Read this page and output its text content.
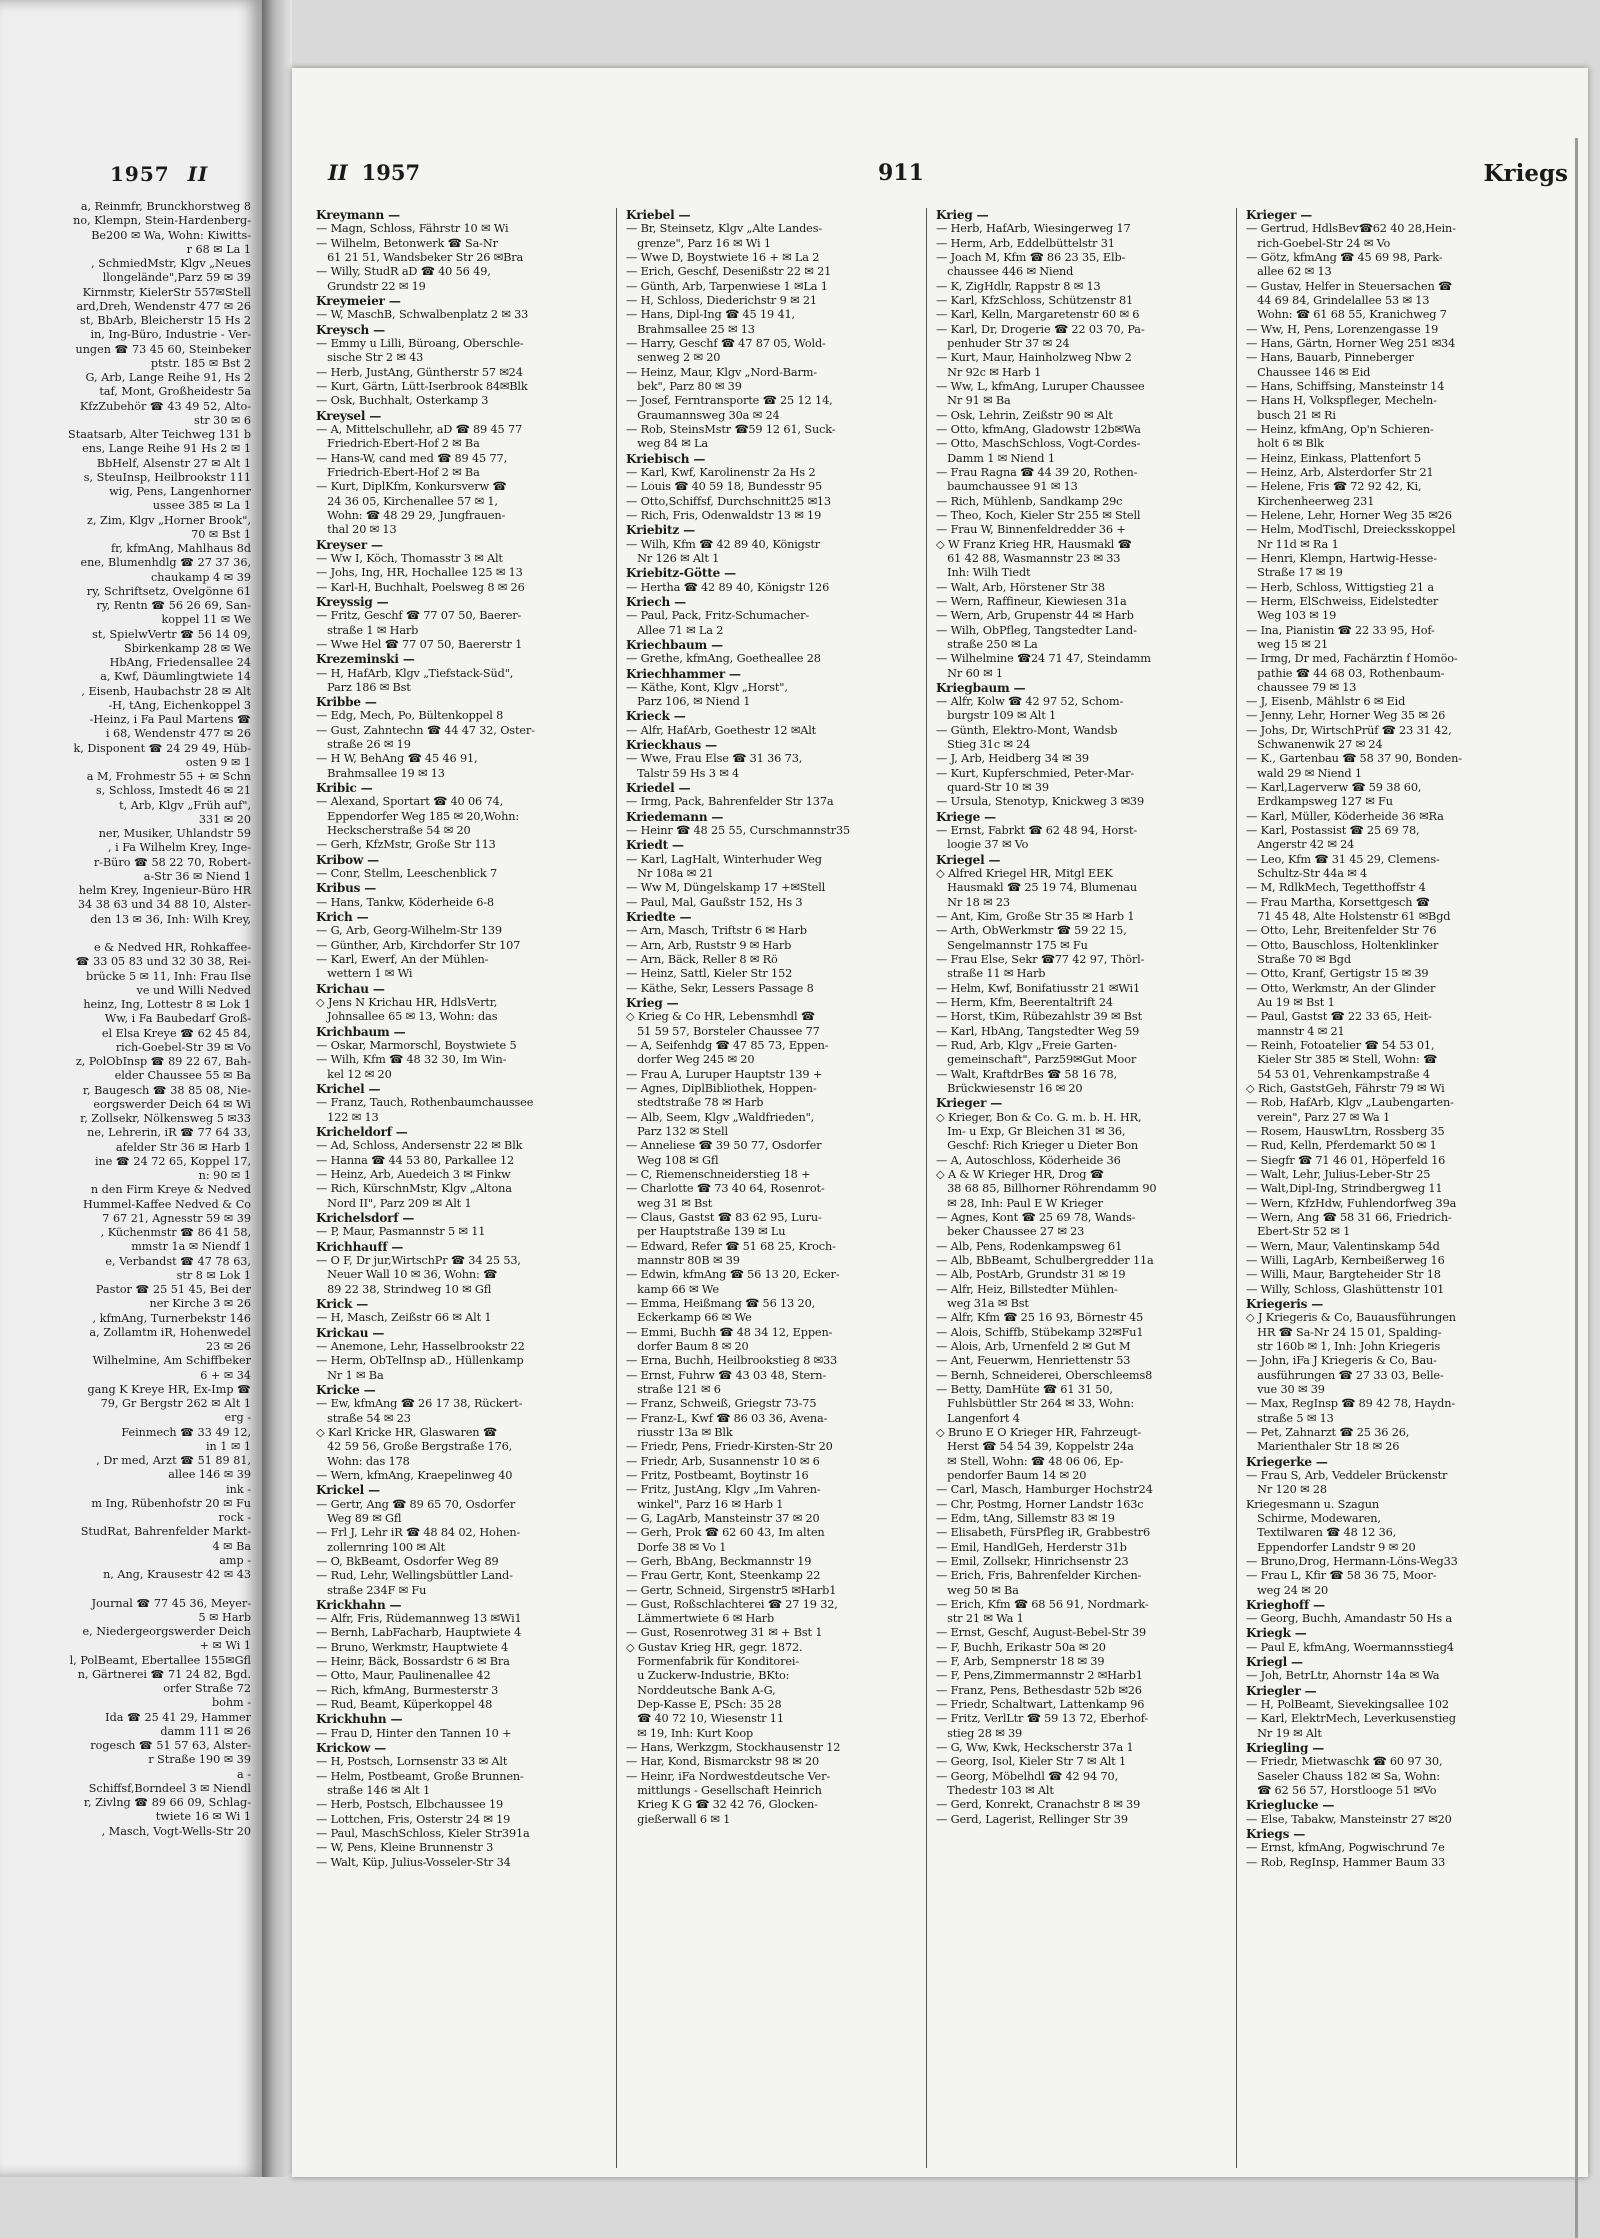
1957 II
a, Reinmfr, Brunckhorstweg 8
no, Klempn, Stein-Hardenberg-
Be200 ✉ Wa, Wohn: Kiwitts-
r 68 ✉ La 1
, SchmiedMstr, Klgv „Neues
llongelände",Parz 59 ✉ 39
Kirnmstr, KielerStr 557✉Stell
ard,Dreh, Wendenstr 477 ✉ 26
st, BbArb, Bleicherstr 15 Hs 2
in, Ing-Büro, Industrie - Ver-
ungen ☎ 73 45 60, Steinbeker
ptstr. 185 ✉ Bst 2
G, Arb, Lange Reihe 91, Hs 2
taf, Mont, Großheidestr 5a
KfzZubehör ☎ 43 49 52, Alto-
str 30 ✉ 6
Staatsarb, Alter Teichweg 131 b
ens, Lange Reihe 91 Hs 2 ✉ 1
BbHelf, Alsenstr 27 ✉ Alt 1
s, SteuInsp, Heilbrookstr 111
wig, Pens, Langenhorner
ussee 385 ✉ La 1
z, Zim, Klgv „Horner Brook",
70 ✉ Bst 1
fr, kfmAng, Mahlhaus 8d
ene, Blumenhdlg ☎ 27 37 36,
chaukamp 4 ✉ 39
ry, Schriftsetz, Ovelgönne 61
ry, Rentn ☎ 56 26 69, San-
koppel 11 ✉ We
st, SpielwVertr ☎ 56 14 09,
Sbirkenkamp 28 ✉ We
HbAng, Friedensallee 24
a, Kwf, Däumlingtwiete 14
, Eisenb, Haubachstr 28 ✉ Alt
-H, tAng, Eichenkoppel 3
-Heinz, i Fa Paul Martens ☎
i 68, Wendenstr 477 ✉ 26
k, Disponent ☎ 24 29 49, Hüb-
osten 9 ✉ 1
a M, Frohmestr 55 + ✉ Schn
s, Schloss, Imstedt 46 ✉ 21
t, Arb, Klgv „Früh auf",
331 ✉ 20
ner, Musiker, Uhlandstr 59
, i Fa Wilhelm Krey, Inge-
r-Büro ☎ 58 22 70, Robert-
a-Str 36 ✉ Niend 1
helm Krey, Ingenieur-Büro HR
34 38 63 und 34 88 10, Alster-
den 13 ✉ 36, Inh: Wilh Krey,

e & Nedved HR, Rohkaffee-
☎ 33 05 83 und 32 30 38, Rei-
brücke 5 ✉ 11, Inh: Frau Ilse
ve und Willi Nedved
heinz, Ing, Lottestr 8 ✉ Lok 1
Ww, i Fa Baubedarf Groß-
el Elsa Kreye ☎ 62 45 84,
rich-Goebel-Str 39 ✉ Vo
z, PolObInsp ☎ 89 22 67, Bah-
elder Chaussee 55 ✉ Ba
r, Baugesch ☎ 38 85 08, Nie-
eorgswerder Deich 64 ✉ Wi
r, Zollsekr, Nölkensweg 5 ✉33
ne, Lehrerin, iR ☎ 77 64 33,
afelder Str 36 ✉ Harb 1
ine ☎ 24 72 65, Koppel 17,
n: 90 ✉ 1
n den Firm Kreye & Nedved
Hummel-Kaffee Nedved & Co
7 67 21, Agnesstr 59 ✉ 39
, Küchenmstr ☎ 86 41 58,
mmstr 1a ✉ Niendf 1
e, Verbandst ☎ 47 78 63,
str 8 ✉ Lok 1
Pastor ☎ 25 51 45, Bei der
ner Kirche 3 ✉ 26
, kfmAng, Turnerbekstr 146
a, Zollamtm iR, Hohenwedel
23 ✉ 26
Wilhelmine, Am Schiffbeker
6 + ✉ 34
gang K Kreye HR, Ex-Imp ☎
79, Gr Bergstr 262 ✉ Alt 1
erg -
Feinmech ☎ 33 49 12,
in 1 ✉ 1
, Dr med, Arzt ☎ 51 89 81,
allee 146 ✉ 39
ink -
m Ing, Rübenhofstr 20 ✉ Fu
rock -
StudRat, Bahrenfelder Markt-
4 ✉ Ba
amp -
n, Ang, Krausestr 42 ✉ 43

Journal ☎ 77 45 36, Meyer-
5 ✉ Harb
e, Niedergeorgswerder Deich
+ ✉ Wi 1
l, PolBeamt, Ebertallee 155✉Gfl
n, Gärtnerei ☎ 71 24 82, Bgd.
orfer Straße 72
bohm -
Ida ☎ 25 41 29, Hammer
damm 111 ✉ 26
rogesch ☎ 51 57 63, Alster-
r Straße 190 ✉ 39
a -
Schiffsf,Borndeel 3 ✉ Niendl
r, Zivlng ☎ 89 66 09, Schlag-
twiete 16 ✉ Wi 1
, Masch, Vogt-Wells-Str 20
II 1957	911	Kriegs
Kreymann —
— Magn, Schloss, Fährstr 10 ✉ Wi
— Wilhelm, Betonwerk ☎ Sa-Nr
 61 21 51, Wandsbeker Str 26 ✉Bra
— Willy, StudR aD ☎ 40 56 49,
 Grundstr 22 ✉ 19
Kreymeier —
— W, MaschB, Schwalbenplatz 2 ✉ 33
Kreysch —
— Emmy u Lilli, Büroang, Oberschle-
 sische Str 2 ✉ 43
— Herb, JustAng, Güntherstr 57 ✉24
— Kurt, Gärtn, Lütt-Iserbrook 84✉Blk
— Osk, Buchhalt, Osterkamp 3
Kreysel —
— A, Mittelschullehr, aD ☎ 89 45 77
 Friedrich-Ebert-Hof 2 ✉ Ba
— Hans-W, cand med ☎ 89 45 77,
 Friedrich-Ebert-Hof 2 ✉ Ba
— Kurt, DiplKfm, Konkursverw ☎
 24 36 05, Kirchenallee 57 ✉ 1,
 Wohn: ☎ 48 29 29, Jungfrauen-
 thal 20 ✉ 13
Kreyser —
— Ww I, Köch, Thomasstr 3 ✉ Alt
— Johs, Ing, HR, Hochallee 125 ✉ 13
— Karl-H, Buchhalt, Poelsweg 8 ✉ 26
Kreyssig —
— Fritz, Geschf ☎ 77 07 50, Baerer-
 straße 1 ✉ Harb
— Wwe Hel ☎ 77 07 50, Baererstr 1
Krezeminski —
— H, HafArb, Klgv „Tiefstack-Süd",
 Parz 186 ✉ Bst
Kribbe —
— Edg, Mech, Po, Bültenkoppel 8
— Gust, Zahntechn ☎ 44 47 32, Oster-
 straße 26 ✉ 19
— H W, BehAng ☎ 45 46 91,
 Brahmsallee 19 ✉ 13
Kribic —
— Alexand, Sportart ☎ 40 06 74,
 Eppendorfer Weg 185 ✉ 20,Wohn:
 Heckscherstraße 54 ✉ 20
— Gerh, KfzMstr, Große Str 113
Kribow —
— Conr, Stellm, Leeschenblick 7
Kribus —
— Hans, Tankw, Köderheide 6-8
Krich —
— G, Arb, Georg-Wilhelm-Str 139
— Günther, Arb, Kirchdorfer Str 107
— Karl, Ewerf, An der Mühlen-
 wettern 1 ✉ Wi
Krichau —
◇ Jens N Krichau HR, HdlsVertr,
 Johnsallee 65 ✉ 13, Wohn: das
Krichbaum —
— Oskar, Marmorschl, Boystwiete 5
— Wilh, Kfm ☎ 48 32 30, Im Win-
 kel 12 ✉ 20
Krichel —
— Franz, Tauch, Rothenbaumchaussee
 122 ✉ 13
Kricheldorf —
— Ad, Schloss, Andersenstr 22 ✉ Blk
— Hanna ☎ 44 53 80, Parkallee 12
— Heinz, Arb, Auedeich 3 ✉ Finkw
— Rich, KürschnMstr, Klgv „Altona
 Nord II", Parz 209 ✉ Alt 1
Krichelsdorf —
— P, Maur, Pasmannstr 5 ✉ 11
Krichhauff —
— O F, Dr jur,WirtschPr ☎ 34 25 53,
 Neuer Wall 10 ✉ 36, Wohn: ☎
 89 22 38, Strindweg 10 ✉ Gfl
Krick —
— H, Masch, Zeißstr 66 ✉ Alt 1
Krickau —
— Anemone, Lehr, Hasselbrookstr 22
— Herm, ObTelInsp aD., Hüllenkamp
 Nr 1 ✉ Ba
Kricke —
— Ew, kfmAng ☎ 26 17 38, Rückert-
 straße 54 ✉ 23
◇ Karl Kricke HR, Glaswaren ☎
 42 59 56, Große Bergstraße 176,
 Wohn: das 178
— Wern, kfmAng, Kraepelinweg 40
Krickel —
— Gertr, Ang ☎ 89 65 70, Osdorfer
 Weg 89 ✉ Gfl
— Frl J, Lehr iR ☎ 48 84 02, Hohen-
 zollernring 100 ✉ Alt
— O, BkBeamt, Osdorfer Weg 89
— Rud, Lehr, Wellingsbüttler Land-
 straße 234F ✉ Fu
Krickhahn —
— Alfr, Fris, Rüdemannweg 13 ✉Wi1
— Bernh, LabFacharb, Hauptwiete 4
— Bruno, Werkmstr, Hauptwiete 4
— Heinr, Bäck, Bossardstr 6 ✉ Bra
— Otto, Maur, Paulinenallee 42
— Rich, kfmAng, Burmesterstr 3
— Rud, Beamt, Küperkoppel 48
Krickhuhn —
— Frau D, Hinter den Tannen 10 +
Krickow —
— H, Postsch, Lornsenstr 33 ✉ Alt
— Helm, Postbeamt, Große Brunnen-
 straße 146 ✉ Alt 1
— Herb, Postsch, Elbchaussee 19
— Lottchen, Fris, Osterstr 24 ✉ 19
— Paul, MaschSchloss, Kieler Str391a
— W, Pens, Kleine Brunnenstr 3
— Walt, Küp, Julius-Vosseler-Str 34
Kriebel —
— Br, Steinsetz, Klgv „Alte Landes-
 grenze", Parz 16 ✉ Wi 1
— Wwe D, Boystwiete 16 + ✉ La 2
— Erich, Geschf, Desenißstr 22 ✉ 21
— Günth, Arb, Tarpenwiese 1 ✉La 1
— H, Schloss, Diederichstr 9 ✉ 21
— Hans, Dipl-Ing ☎ 45 19 41,
 Brahmsallee 25 ✉ 13
— Harry, Geschf ☎ 47 87 05, Wold-
 senweg 2 ✉ 20
— Heinz, Maur, Klgv „Nord-Barm-
 bek", Parz 80 ✉ 39
— Josef, Ferntransporte ☎ 25 12 14,
 Graumannsweg 30a ✉ 24
— Rob, SteinsMstr ☎59 12 61, Suck-
 weg 84 ✉ La
Kriebisch —
— Karl, Kwf, Karolinenstr 2a Hs 2
— Louis ☎ 40 59 18, Bundesstr 95
— Otto,Schiffsf, Durchschnitt25 ✉13
— Rich, Fris, Odenwaldstr 13 ✉ 19
Kriebitz —
— Wilh, Kfm ☎ 42 89 40, Königstr
 Nr 126 ✉ Alt 1
Kriebitz-Götte —
— Hertha ☎ 42 89 40, Königstr 126
Kriech —
— Paul, Pack, Fritz-Schumacher-
 Allee 71 ✉ La 2
Kriechbaum —
— Grethe, kfmAng, Goetheallee 28
Kriechhammer —
— Käthe, Kont, Klgv „Horst",
 Parz 106, ✉ Niend 1
Krieck —
— Alfr, HafArb, Goethestr 12 ✉Alt
Krieckhaus —
— Wwe, Frau Else ☎ 31 36 73,
 Talstr 59 Hs 3 ✉ 4
Kriedel —
— Irmg, Pack, Bahrenfelder Str 137a
Kriedemann —
— Heinr ☎ 48 25 55, Curschmannstr35
Kriedt —
— Karl, LagHalt, Winterhuder Weg
 Nr 108a ✉ 21
— Ww M, Düngelskamp 17 +✉Stell
— Paul, Mal, Gaußstr 152, Hs 3
Kriedte —
— Arn, Masch, Triftstr 6 ✉ Harb
— Arn, Arb, Ruststr 9 ✉ Harb
— Arn, Bäck, Reller 8 ✉ Rö
— Heinz, Sattl, Kieler Str 152
— Käthe, Sekr, Lessers Passage 8
Krieg —
◇ Krieg & Co HR, Lebensmhdl ☎
 51 59 57, Borsteler Chaussee 77
— A, Seifenhdg ☎ 47 85 73, Eppen-
 dorfer Weg 245 ✉ 20
— Frau A, Luruper Hauptstr 139 +
— Agnes, DiplBibliothek, Hoppen-
 stedtstraße 78 ✉ Harb
— Alb, Seem, Klgv „Waldfrieden",
 Parz 132 ✉ Stell
— Anneliese ☎ 39 50 77, Osdorfer
 Weg 108 ✉ Gfl
— C, Riemenschneiderstieg 18 +
— Charlotte ☎ 73 40 64, Rosenrot-
 weg 31 ✉ Bst
— Claus, Gastst ☎ 83 62 95, Luru-
 per Hauptstraße 139 ✉ Lu
— Edward, Refer ☎ 51 68 25, Kroch-
 mannstr 80B ✉ 39
— Edwin, kfmAng ☎ 56 13 20, Ecker-
 kamp 66 ✉ We
— Emma, Heißmang ☎ 56 13 20,
 Eckerkamp 66 ✉ We
— Emmi, Buchh ☎ 48 34 12, Eppen-
 dorfer Baum 8 ✉ 20
— Erna, Buchh, Heilbrookstieg 8 ✉33
— Ernst, Fuhrw ☎ 43 03 48, Stern-
 straße 121 ✉ 6
— Franz, Schweiß, Griegstr 73-75
— Franz-L, Kwf ☎ 86 03 36, Avena-
 riusstr 13a ✉ Blk
— Friedr, Pens, Friedr-Kirsten-Str 20
— Friedr, Arb, Susannenstr 10 ✉ 6
— Fritz, Postbeamt, Boytinstr 16
— Fritz, JustAng, Klgv „Im Vahren-
 winkel", Parz 16 ✉ Harb 1
— G, LagArb, Mansteinstr 37 ✉ 20
— Gerh, Prok ☎ 62 60 43, Im alten
 Dorfe 38 ✉ Vo 1
— Gerh, BbAng, Beckmannstr 19
— Frau Gertr, Kont, Steenkamp 22
— Gertr, Schneid, Sirgenstr5 ✉Harb1
— Gust, Roßschlachterei ☎ 27 19 32,
 Lämmertwiete 6 ✉ Harb
— Gust, Rosenrotweg 31 ✉ + Bst 1
◇ Gustav Krieg HR, gegr. 1872.
 Formenfabrik für Konditorei-
 u Zuckerw-Industrie, BKto:
 Norddeutsche Bank A-G,
 Dep-Kasse E, PSch: 35 28
 ☎ 40 72 10, Wiesenstr 11
 ✉ 19, Inh: Kurt Koop
— Hans, Werkzgm, Stockhausenstr 12
— Har, Kond, Bismarckstr 98 ✉ 20
— Heinr, iFa Nordwestdeutsche Ver-
 mittlungs - Gesellschaft Heinrich
 Krieg K G ☎ 32 42 76, Glocken-
 gießerwall 6 ✉ 1
Krieg —
— Herb, HafArb, Wiesingerweg 17
— Herm, Arb, Eddelbüttelstr 31
— Joach M, Kfm ☎ 86 23 35, Elb-
 chaussee 446 ✉ Niend
— K, ZigHdlr, Rappstr 8 ✉ 13
— Karl, KfzSchloss, Schützenstr 81
— Karl, Kelln, Margaretenstr 60 ✉ 6
— Karl, Dr, Drogerie ☎ 22 03 70, Pa-
 penhuder Str 37 ✉ 24
— Kurt, Maur, Hainholzweg Nbw 2
 Nr 92c ✉ Harb 1
— Ww, L, kfmAng, Luruper Chaussee
 Nr 91 ✉ Ba
— Osk, Lehrin, Zeißstr 90 ✉ Alt
— Otto, kfmAng, Gladowstr 12b✉Wa
— Otto, MaschSchloss, Vogt-Cordes-
 Damm 1 ✉ Niend 1
— Frau Ragna ☎ 44 39 20, Rothen-
 baumchaussee 91 ✉ 13
— Rich, Mühlenb, Sandkamp 29c
— Theo, Koch, Kieler Str 255 ✉ Stell
— Frau W, Binnenfeldredder 36 +
◇ W Franz Krieg HR, Hausmakl ☎
 61 42 88, Wasmannstr 23 ✉ 33
 Inh: Wilh Tiedt
— Walt, Arb, Hörstener Str 38
— Wern, Raffineur, Kiewiesen 31a
— Wern, Arb, Grupenstr 44 ✉ Harb
— Wilh, ObPfleg, Tangstedter Land-
 straße 250 ✉ La
— Wilhelmine ☎24 71 47, Steindamm
 Nr 60 ✉ 1
Kriegbaum —
— Alfr, Kolw ☎ 42 97 52, Schom-
 burgstr 109 ✉ Alt 1
— Günth, Elektro-Mont, Wandsb
 Stieg 31c ✉ 24
— J, Arb, Heidberg 34 ✉ 39
— Kurt, Kupferschmied, Peter-Mar-
 quard-Str 10 ✉ 39
— Ursula, Stenotyp, Knickweg 3 ✉39
Kriege —
— Ernst, Fabrkt ☎ 62 48 94, Horst-
 loogie 37 ✉ Vo
Kriegel —
◇ Alfred Kriegel HR, Mitgl EEK
 Hausmakl ☎ 25 19 74, Blumenau
 Nr 18 ✉ 23
— Ant, Kim, Große Str 35 ✉ Harb 1
— Arth, ObWerkmstr ☎ 59 22 15,
 Sengelmannstr 175 ✉ Fu
— Frau Else, Sekr ☎77 42 97, Thörl-
 straße 11 ✉ Harb
— Helm, Kwf, Bonifatiusstr 21 ✉Wi1
— Herm, Kfm, Beerentaltrift 24
— Horst, tKim, Rübezahlstr 39 ✉ Bst
— Karl, HbAng, Tangstedter Weg 59
— Rud, Arb, Klgv „Freie Garten-
 gemeinschaft", Parz59✉Gut Moor
— Walt, KraftdrBes ☎ 58 16 78,
 Brückwiesenstr 16 ✉ 20
Krieger —
◇ Krieger, Bon & Co. G. m. b. H. HR,
 Im- u Exp, Gr Bleichen 31 ✉ 36,
 Geschf: Rich Krieger u Dieter Bon
— A, Autoschloss, Köderheide 36
◇ A & W Krieger HR, Drog ☎
 38 68 85, Billhorner Röhrendamm 90
 ✉ 28, Inh: Paul E W Krieger
— Agnes, Kont ☎ 25 69 78, Wands-
 beker Chaussee 27 ✉ 23
— Alb, Pens, Rodenkampsweg 61
— Alb, BbBeamt, Schulbergredder 11a
— Alb, PostArb, Grundstr 31 ✉ 19
— Alfr, Heiz, Billstedter Mühlen-
 weg 31a ✉ Bst
— Alfr, Kfm ☎ 25 16 93, Börnestr 45
— Alois, Schiffb, Stübekamp 32✉Fu1
— Alois, Arb, Urnenfeld 2 ✉ Gut M
— Ant, Feuerwm, Henriettenstr 53
— Bernh, Schneiderei, Oberschleems8
— Betty, DamHüte ☎ 61 31 50,
 Fuhlsbüttler Str 264 ✉ 33, Wohn:
 Langenfort 4
◇ Bruno E O Krieger HR, Fahrzeugt-
 Herst ☎ 54 54 39, Koppelstr 24a
 ✉ Stell, Wohn: ☎ 48 06 06, Ep-
 pendorfer Baum 14 ✉ 20
— Carl, Masch, Hamburger Hochstr24
— Chr, Postmg, Horner Landstr 163c
— Edm, tAng, Sillemstr 83 ✉ 19
— Elisabeth, FürsPfleg iR, Grabbestr6
— Emil, HandlGeh, Herderstr 31b
— Emil, Zollsekr, Hinrichsenstr 23
— Erich, Fris, Bahrenfelder Kirchen-
 weg 50 ✉ Ba
— Erich, Kfm ☎ 68 56 91, Nordmark-
 str 21 ✉ Wa 1
— Ernst, Geschf, August-Bebel-Str 39
— F, Buchh, Erikastr 50a ✉ 20
— F, Arb, Sempnerstr 18 ✉ 39
— F, Pens,Zimmermannstr 2 ✉Harb1
— Franz, Pens, Bethesdastr 52b ✉26
— Friedr, Schaltwart, Lattenkamp 96
— Fritz, VerlLtr ☎ 59 13 72, Eberhof-
 stieg 28 ✉ 39
— G, Ww, Kwk, Heckscherstr 37a 1
— Georg, Isol, Kieler Str 7 ✉ Alt 1
— Georg, Möbelhdl ☎ 42 94 70,
 Thedestr 103 ✉ Alt
— Gerd, Konrekt, Cranachstr 8 ✉ 39
— Gerd, Lagerist, Rellinger Str 39
Krieger —
— Gertrud, HdlsBev☎62 40 28,Hein-
 rich-Goebel-Str 24 ✉ Vo
— Götz, kfmAng ☎ 45 69 98, Park-
 allee 62 ✉ 13
— Gustav, Helfer in Steuersachen ☎
 44 69 84, Grindelallee 53 ✉ 13
 Wohn: ☎ 61 68 55, Kranichweg 7
— Ww, H, Pens, Lorenzengasse 19
— Hans, Gärtn, Horner Weg 251 ✉34
— Hans, Bauarb, Pinneberger
 Chaussee 146 ✉ Eid
— Hans, Schiffsing, Mansteinstr 14
— Hans H, Volkspfleger, Mecheln-
 busch 21 ✉ Ri
— Heinz, kfmAng, Op'n Schieren-
 holt 6 ✉ Blk
— Heinz, Einkass, Plattenfort 5
— Heinz, Arb, Alsterdorfer Str 21
— Helene, Fris ☎ 72 92 42, Ki,
 Kirchenheerweg 231
— Helene, Lehr, Horner Weg 35 ✉26
— Helm, ModTischl, Dreiecksskoppel
 Nr 11d ✉ Ra 1
— Henri, Klempn, Hartwig-Hesse-
 Straße 17 ✉ 19
— Herb, Schloss, Wittigstieg 21 a
— Herm, ElSchweiss, Eidelstedter
 Weg 103 ✉ 19
— Ina, Pianistin ☎ 22 33 95, Hof-
 weg 15 ✉ 21
— Irmg, Dr med, Fachärztin f Homöo-
 pathie ☎ 44 68 03, Rothenbaum-
 chaussee 79 ✉ 13
— J, Eisenb, Mählstr 6 ✉ Eid
— Jenny, Lehr, Horner Weg 35 ✉ 26
— Johs, Dr, WirtschPrüf ☎ 23 31 42,
 Schwanenwik 27 ✉ 24
— K., Gartenbau ☎ 58 37 90, Bonden-
 wald 29 ✉ Niend 1
— Karl,Lagerverw ☎ 59 38 60,
 Erdkampsweg 127 ✉ Fu
— Karl, Müller, Köderheide 36 ✉Ra
— Karl, Postassist ☎ 25 69 78,
 Angerstr 42 ✉ 24
— Leo, Kfm ☎ 31 45 29, Clemens-
 Schultz-Str 44a ✉ 4
— M, RdlkMech, Tegetthoffstr 4
— Frau Martha, Korsettgesch ☎
 71 45 48, Alte Holstenstr 61 ✉Bgd
— Otto, Lehr, Breitenfelder Str 76
— Otto, Bauschloss, Holtenklinker
 Straße 70 ✉ Bgd
— Otto, Kranf, Gertigstr 15 ✉ 39
— Otto, Werkmstr, An der Glinder
 Au 19 ✉ Bst 1
— Paul, Gastst ☎ 22 33 65, Heit-
 mannstr 4 ✉ 21
— Reinh, Fotoatelier ☎ 54 53 01,
 Kieler Str 385 ✉ Stell, Wohn: ☎
 54 53 01, Vehrenkampstraße 4
◇ Rich, GaststGeh, Fährstr 79 ✉ Wi
— Rob, HafArb, Klgv „Laubengarten-
 verein", Parz 27 ✉ Wa 1
— Rosem, HauswLtrn, Rossberg 35
— Rud, Kelln, Pferdemarkt 50 ✉ 1
— Siegfr ☎ 71 46 01, Höperfeld 16
— Walt, Lehr, Julius-Leber-Str 25
— Walt,Dipl-Ing, Strindbergweg 11
— Wern, KfzHdw, Fuhlendorfweg 39a
— Wern, Ang ☎ 58 31 66, Friedrich-
 Ebert-Str 52 ✉ 1
— Wern, Maur, Valentinskamp 54d
— Willi, LagArb, Kernbeißerweg 16
— Willi, Maur, Bargteheider Str 18
— Willy, Schloss, Glashüttenstr 101
Kriegeris —
◇ J Kriegeris & Co, Bauausführungen
 HR ☎ Sa-Nr 24 15 01, Spalding-
 str 160b ✉ 1, Inh: John Kriegeris
— John, iFa J Kriegeris & Co, Bau-
 ausführungen ☎ 27 33 03, Belle-
 vue 30 ✉ 39
— Max, RegInsp ☎ 89 42 78, Haydn-
 straße 5 ✉ 13
— Pet, Zahnarzt ☎ 25 36 26,
 Marienthaler Str 18 ✉ 26
Kriegerke —
— Frau S, Arb, Veddeler Brückenstr
 Nr 120 ✉ 28
Kriegesmann u. Szagun
 Schirme, Modewaren,
 Textilwaren ☎ 48 12 36,
 Eppendorfer Landstr 9 ✉ 20
— Bruno,Drog, Hermann-Löns-Weg33
— Frau L, Kfir ☎ 58 36 75, Moor-
 weg 24 ✉ 20
Krieghoff —
— Georg, Buchh, Amandastr 50 Hs a
Kriegk —
— Paul E, kfmAng, Woermannsstieg4
Kriegl —
— Joh, BetrLtr, Ahornstr 14a ✉ Wa
Kriegler —
— H, PolBeamt, Sievekingsallee 102
— Karl, ElektrMech, Leverkusenstieg
 Nr 19 ✉ Alt
Kriegling —
— Friedr, Mietwaschk ☎ 60 97 30,
 Saseler Chauss 182 ✉ Sa, Wohn:
 ☎ 62 56 57, Horstlooge 51 ✉Vo
Krieglucke —
— Else, Tabakw, Mansteinstr 27 ✉20
Kriegs —
— Ernst, kfmAng, Pogwischrund 7e
— Rob, RegInsp, Hammer Baum 33
